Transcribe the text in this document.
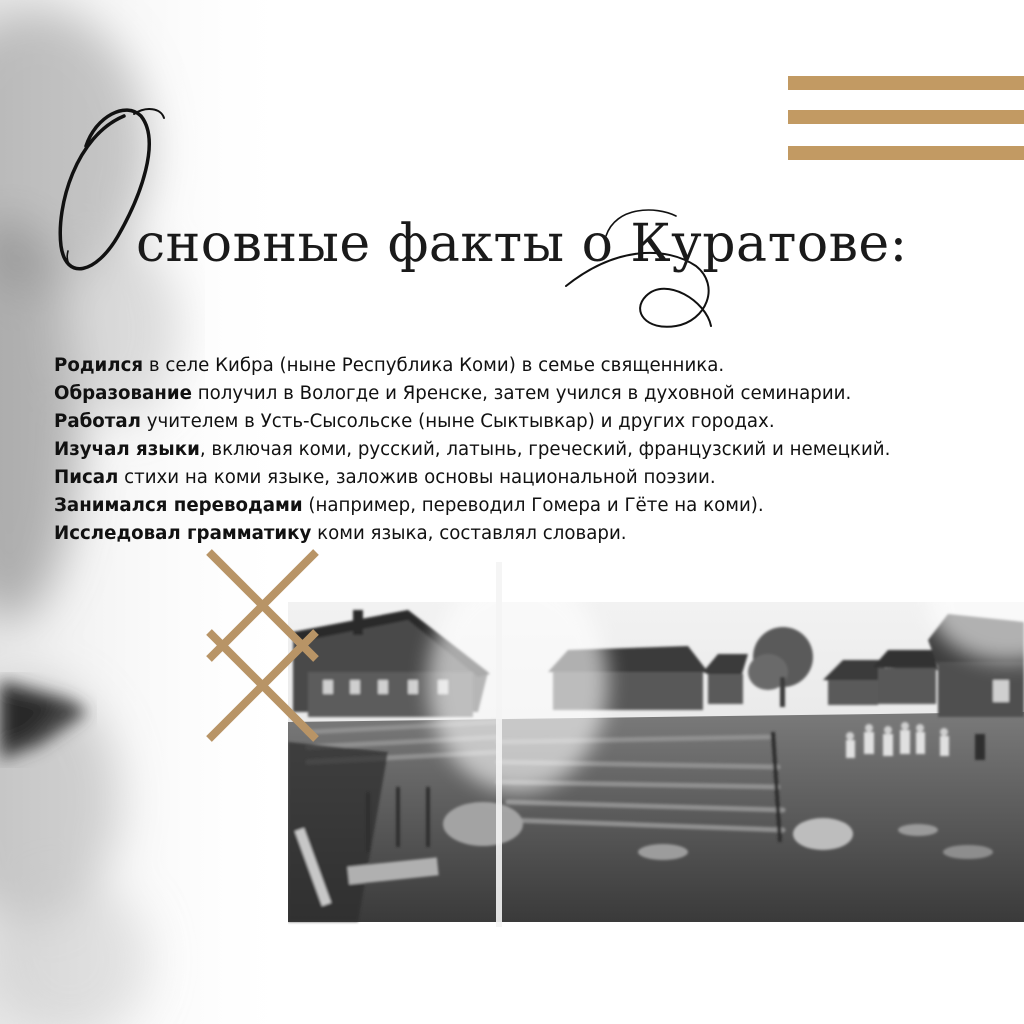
сновные факты о Куратове:

Родился в селе Кибра (ныне Республика Коми) в семье священника.

Образование получил в Вологде и Яренске, затем учился в духовной семинарии.

Работал учителем в Усть-Сысольске (ныне Сыктывкар) и других городах.

Изучал языки, включая коми, русский, латынь, греческий, французский и немецкий.

Писал стихи на коми языке, заложив основы национальной поэзии.

Занимался переводами (например, переводил Гомера и Гёте на коми).

Исследовал грамматику коми языка, составлял словари.
